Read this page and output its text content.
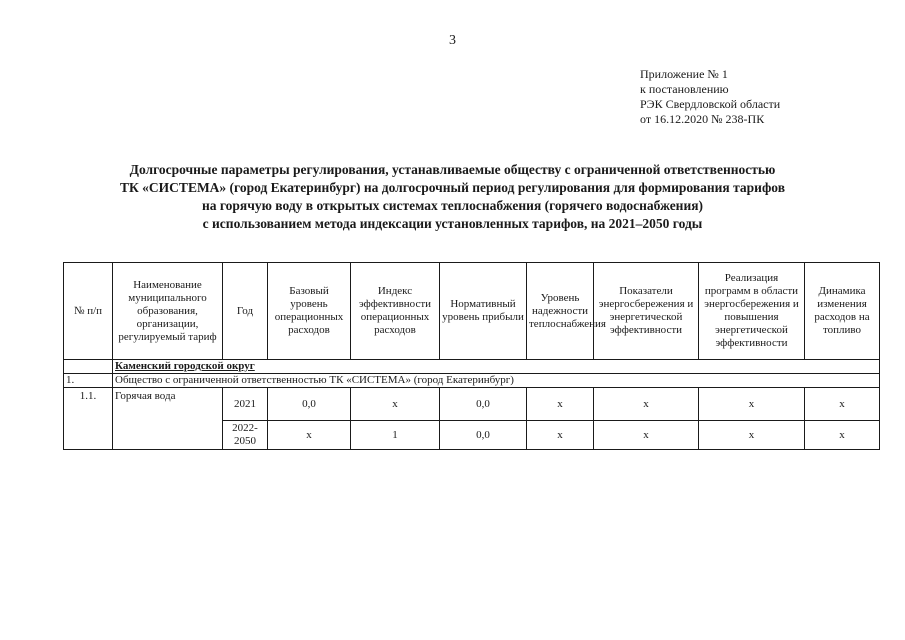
3
Приложение № 1
к постановлению
РЭК Свердловской области
от 16.12.2020 № 238-ПК
Долгосрочные параметры регулирования, устанавливаемые обществу с ограниченной ответственностью
ТК «СИСТЕМА» (город Екатеринбург) на долгосрочный период регулирования для формирования тарифов
на горячую воду в открытых системах теплоснабжения (горячего водоснабжения)
с использованием метода индексации установленных тарифов, на 2021–2050 годы
№ п/п	Наименование муниципального образования, организации, регулируемый тариф	Год	Базовый уровень операционных расходов	Индекс эффективности операционных расходов	Нормативный уровень прибыли	Уровень надежности теплоснабжения	Показатели энергосбережения и энергетической эффективности	Реализация программ в области энергосбережения и повышения энергетической эффективности	Динамика изменения расходов на топливо
	Каменский городской округ								
1.	Общество с ограниченной ответственностью ТК «СИСТЕМА» (город Екатеринбург)								
1.1.	Горячая вода	2021	0,0	х	0,0	х	х	х	х
		2022-2050	х	1	0,0	х	х	х	х
